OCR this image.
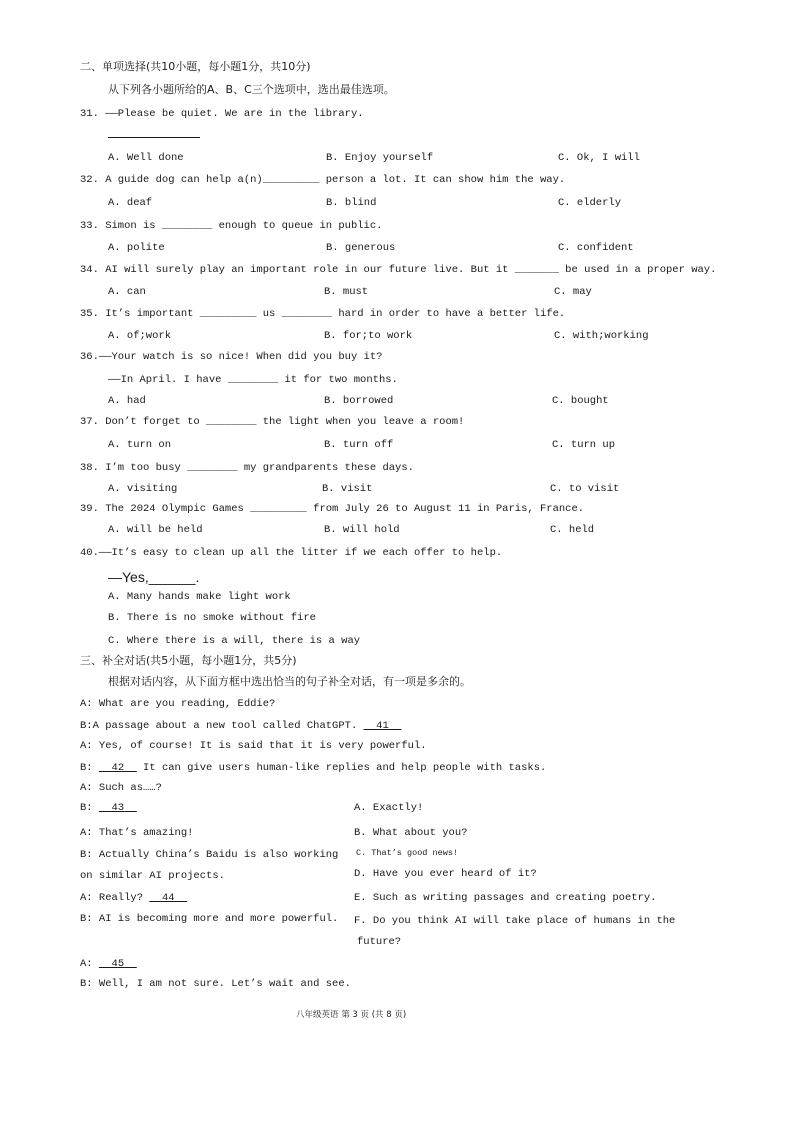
二、单项选择(共10小题，每小题1分，共10分)
从下列各小题所给的A、B、C三个选项中，选出最佳选项。
31. ——Please be quiet. We are in the library.
A. Well done	B. Enjoy yourself	C. Ok, I will
32. A guide dog can help a(n)_________ person a lot. It can show him the way.
A. deaf	B. blind	C. elderly
33. Simon is ________ enough to queue in public.
A. polite	B. generous	C. confident
34. AI will surely play an important role in our future live. But it _______ be used in a proper way.
A. can	B. must	C. may
35. It’s important _________ us ________ hard in order to have a better life.
A. of;work	B. for;to work	C. with;working
36.——Your watch is so nice! When did you buy it?
——In April. I have ________ it for two months.
A. had	B. borrowed	C. bought
37. Don’t forget to ________ the light when you leave a room!
A. turn on	B. turn off	C. turn up
38. I’m too busy ________ my grandparents these days.
A. visiting	B. visit	C. to visit
39. The 2024 Olympic Games _________ from July 26 to August 11 in Paris, France.
A. will be held	B. will hold	C. held
40.——It’s easy to clean up all the litter if we each offer to help.
—Yes,______.
A. Many hands make light work
B. There is no smoke without fire
C. Where there is a will, there is a way
三、补全对话(共5小题，每小题1分，共5分)
根据对话内容，从下面方框中选出恰当的句子补全对话，有一项是多余的。
A: What are you reading, Eddie?
B:A passage about a new tool called ChatGPT. 41
A: Yes, of course! It is said that it is very powerful.
B:   42 It can give users human-like replies and help people with tasks.
A: Such as……?
B: 43
A: That’s amazing!
B: Actually China’s Baidu is also working
on similar AI projects.
A: Really? 44
B: AI is becoming more and more powerful.
A: 45
B: Well, I am not sure. Let’s wait and see.
A. Exactly!
B. What about you?
C. That’s good news!
D. Have you ever heard of it?
E. Such as writing passages and creating poetry.
F. Do you think AI will take place of humans in the
future?
八年级英语 第 3 页 (共 8 页)
